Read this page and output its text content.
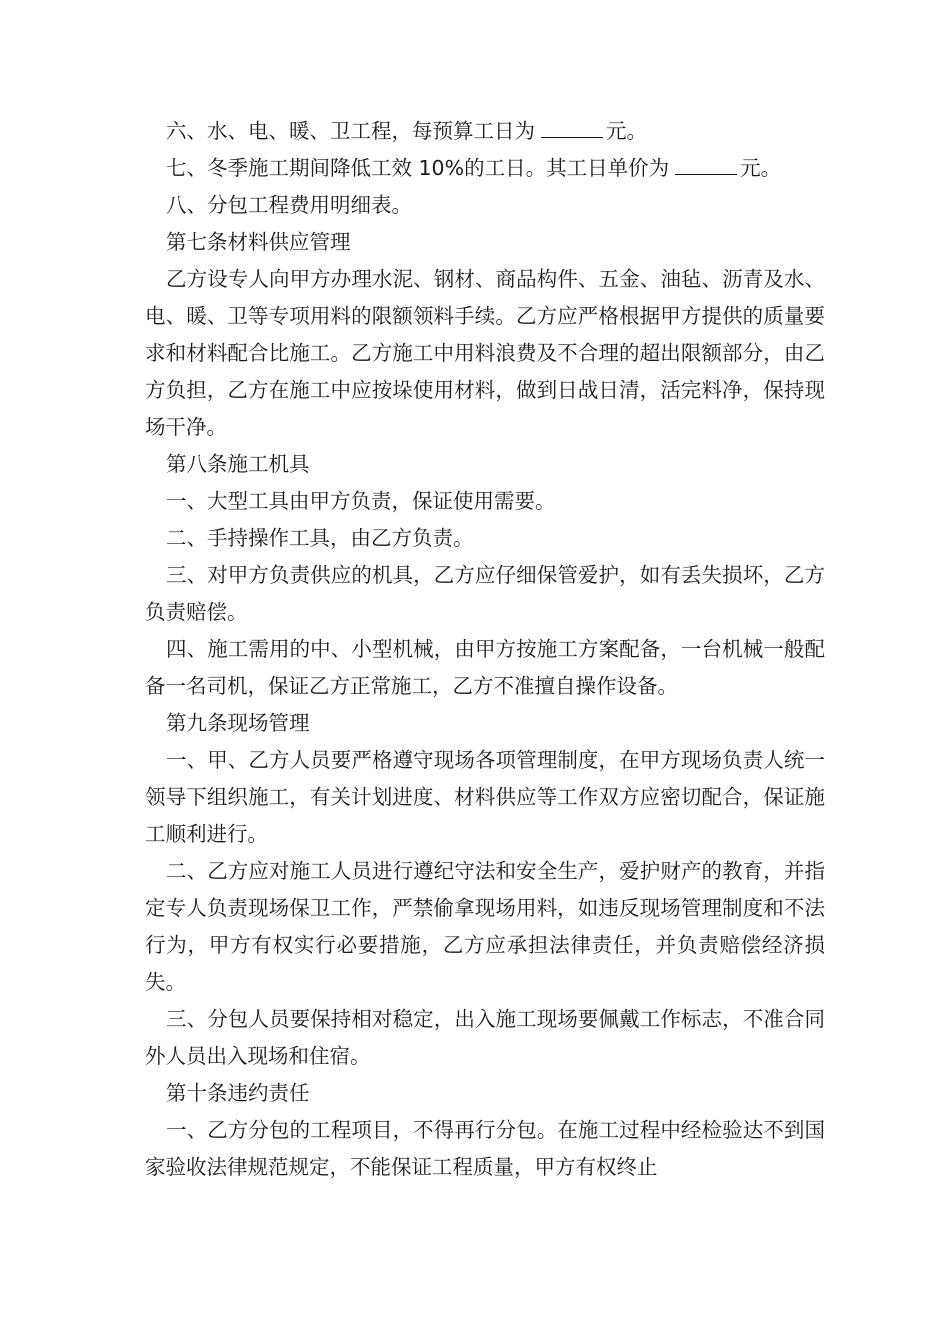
六、水、电、暖、卫工程，每预算工日为	元。

七、冬季施工期间降低工效 10%的工日。其工日单价为	元。

八、分包工程费用明细表。

第七条材料供应管理

乙方设专人向甲方办理水泥、钢材、商品构件、五金、油毡、沥青及水、电、暖、卫等专项用料的限额领料手续。乙方应严格根据甲方提供的质量要求和材料配合比施工。乙方施工中用料浪费及不合理的超出限额部分，由乙方负担，乙方在施工中应按垛使用材料，做到日战日清，活完料净，保持现场干净。

第八条施工机具

一、大型工具由甲方负责，保证使用需要。

二、手持操作工具，由乙方负责。

三、对甲方负责供应的机具，乙方应仔细保管爱护，如有丢失损坏，乙方负责赔偿。

四、施工需用的中、小型机械，由甲方按施工方案配备，一台机械一般配备一名司机，保证乙方正常施工，乙方不准擅自操作设备。

第九条现场管理

一、甲、乙方人员要严格遵守现场各项管理制度，在甲方现场负责人统一领导下组织施工，有关计划进度、材料供应等工作双方应密切配合，保证施工顺利进行。

二、乙方应对施工人员进行遵纪守法和安全生产，爱护财产的教育，并指定专人负责现场保卫工作，严禁偷拿现场用料，如违反现场管理制度和不法行为，甲方有权实行必要措施，乙方应承担法律责任，并负责赔偿经济损失。

三、分包人员要保持相对稳定，出入施工现场要佩戴工作标志，不准合同外人员出入现场和住宿。

第十条违约责任

一、乙方分包的工程项目，不得再行分包。在施工过程中经检验达不到国家验收法律规范规定，不能保证工程质量，甲方有权终止
